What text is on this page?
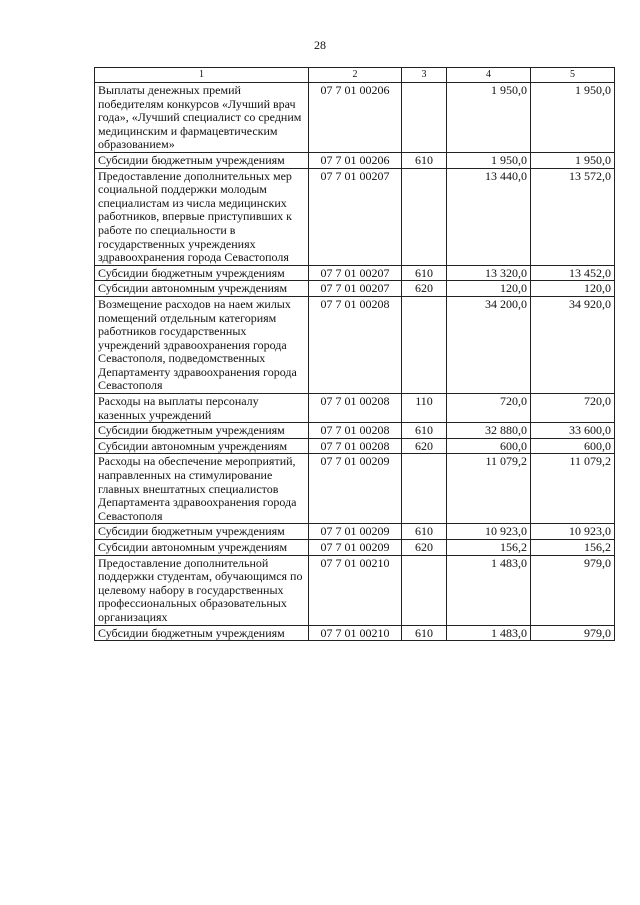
28
1	2	3	4	5
Выплаты денежных премий победителям конкурсов «Лучший врач года», «Лучший специалист со средним медицинским и фармацевтическим образованием»	07 7 01 00206		1 950,0	1 950,0
Субсидии бюджетным учреждениям	07 7 01 00206	610	1 950,0	1 950,0
Предоставление дополнительных мер социальной поддержки молодым специалистам из числа медицинских работников, впервые приступивших к работе по специальности в государственных учреждениях здравоохранения города Севастополя	07 7 01 00207		13 440,0	13 572,0
Субсидии бюджетным учреждениям	07 7 01 00207	610	13 320,0	13 452,0
Субсидии автономным учреждениям	07 7 01 00207	620	120,0	120,0
Возмещение расходов на наем жилых помещений отдельным категориям работников государственных учреждений здравоохранения города Севастополя, подведомственных Департаменту здравоохранения города Севастополя	07 7 01 00208		34 200,0	34 920,0
Расходы на выплаты персоналу казенных учреждений	07 7 01 00208	110	720,0	720,0
Субсидии бюджетным учреждениям	07 7 01 00208	610	32 880,0	33 600,0
Субсидии автономным учреждениям	07 7 01 00208	620	600,0	600,0
Расходы на обеспечение мероприятий, направленных на стимулирование главных внештатных специалистов Департамента здравоохранения города Севастополя	07 7 01 00209		11 079,2	11 079,2
Субсидии бюджетным учреждениям	07 7 01 00209	610	10 923,0	10 923,0
Субсидии автономным учреждениям	07 7 01 00209	620	156,2	156,2
Предоставление дополнительной поддержки студентам, обучающимся по целевому набору в государственных профессиональных образовательных организациях	07 7 01 00210		1 483,0	979,0
Субсидии бюджетным учреждениям	07 7 01 00210	610	1 483,0	979,0
